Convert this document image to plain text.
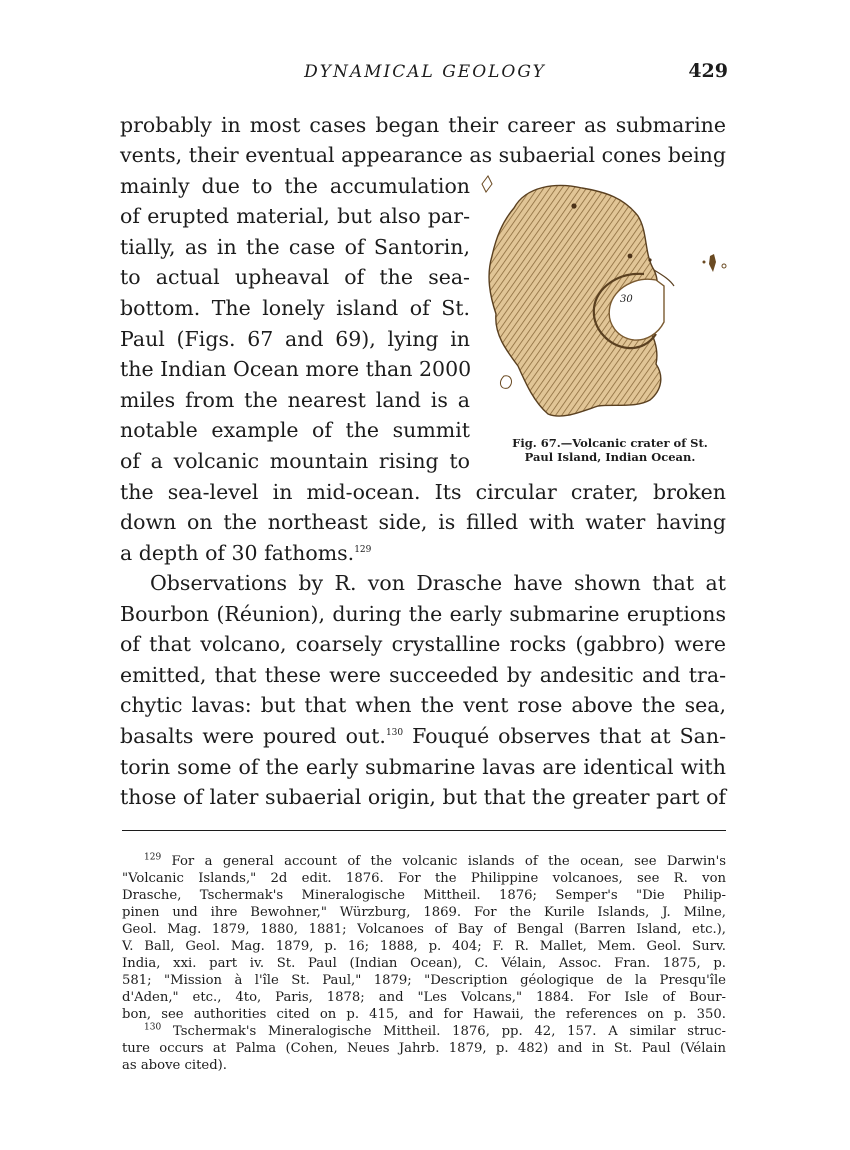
DYNAMICAL GEOLOGY	429
probably in most cases began their career as submarine
vents, their eventual appearance as subaerial cones being
mainly due to the accumulation
of erupted material, but also par-
tially, as in the case of Santorin,
to actual upheaval of the sea-
bottom. The lonely island of St.
Paul (Figs. 67 and 69), lying in
the Indian Ocean more than 2000
miles from the nearest land is a
notable example of the summit
of a volcanic mountain rising to
the sea-level in mid-ocean. Its circular crater, broken
down on the northeast side, is filled with water having
a depth of 30 fathoms.$^{129}$
Observations by R. von Drasche have shown that at
Bourbon (Réunion), during the early submarine eruptions
of that volcano, coarsely crystalline rocks (gabbro) were
emitted, that these were succeeded by andesitic and tra-
chytic lavas: but that when the vent rose above the sea,
basalts were poured out.$^{130}$ Fouqué observes that at San-
torin some of the early submarine lavas are identical with
those of later subaerial origin, but that the greater part of
30
Fig. 67.—Volcanic crater of St.
Paul Island, Indian Ocean.
$^{129}$ For a general account of the volcanic islands of the ocean, see Darwin's
"Volcanic Islands," 2d edit. 1876. For the Philippine volcanoes, see R. von
Drasche, Tschermak's Mineralogische Mittheil. 1876; Semper's "Die Philip-
pinen und ihre Bewohner," Würzburg, 1869. For the Kurile Islands, J. Milne,
Geol. Mag. 1879, 1880, 1881; Volcanoes of Bay of Bengal (Barren Island, etc.),
V. Ball, Geol. Mag. 1879, p. 16; 1888, p. 404; F. R. Mallet, Mem. Geol. Surv.
India, xxi. part iv. St. Paul (Indian Ocean), C. Vélain, Assoc. Fran. 1875, p.
581; "Mission à l'île St. Paul," 1879; "Description géologique de la Presqu'île
d'Aden," etc., 4to, Paris, 1878; and "Les Volcans," 1884. For Isle of Bour-
bon, see authorities cited on p. 415, and for Hawaii, the references on p. 350.
$^{130}$ Tschermak's Mineralogische Mittheil. 1876, pp. 42, 157. A similar struc-
ture occurs at Palma (Cohen, Neues Jahrb. 1879, p. 482) and in St. Paul (Vélain
as above cited).
